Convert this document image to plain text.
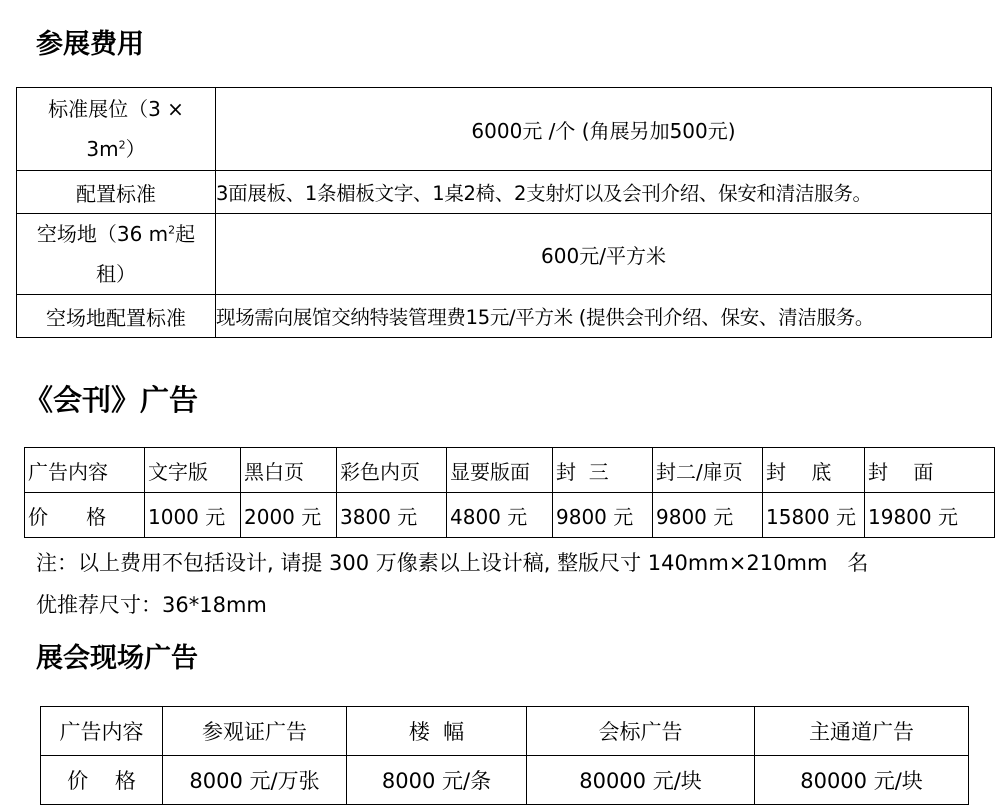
参展费用
标准展位（3 ×
$3m^2$）	6000元 /个 (角展另加500元)
配置标准	3面展板、1条楣板文字、1桌2椅、2支射灯以及会刊介绍、保安和清洁服务。

空场地（36 $m^2$起
租）	600元/平方米
空场地配置标准	现场需向展馆交纳特装管理费15元/平方米 (提供会刊介绍、保安、清洁服务。
《会刊》广告
广告内容	文字版	黑白页	彩色内页	显要版面	封  三	封二/扉页	封    底	封    面
价      格	1000 元	2000 元	3800 元	4800 元	9800 元	9800 元	15800 元	19800 元
注：以上费用不包括设计, 请提 300 万像素以上设计稿, 整版尺寸 140mm×210mm   名
优推荐尺寸：36*18mm
展会现场广告
广告内容	参观证广告	楼  幅	会标广告	主通道广告
价    格	8000 元/万张	8000 元/条	80000 元/块	80000 元/块
